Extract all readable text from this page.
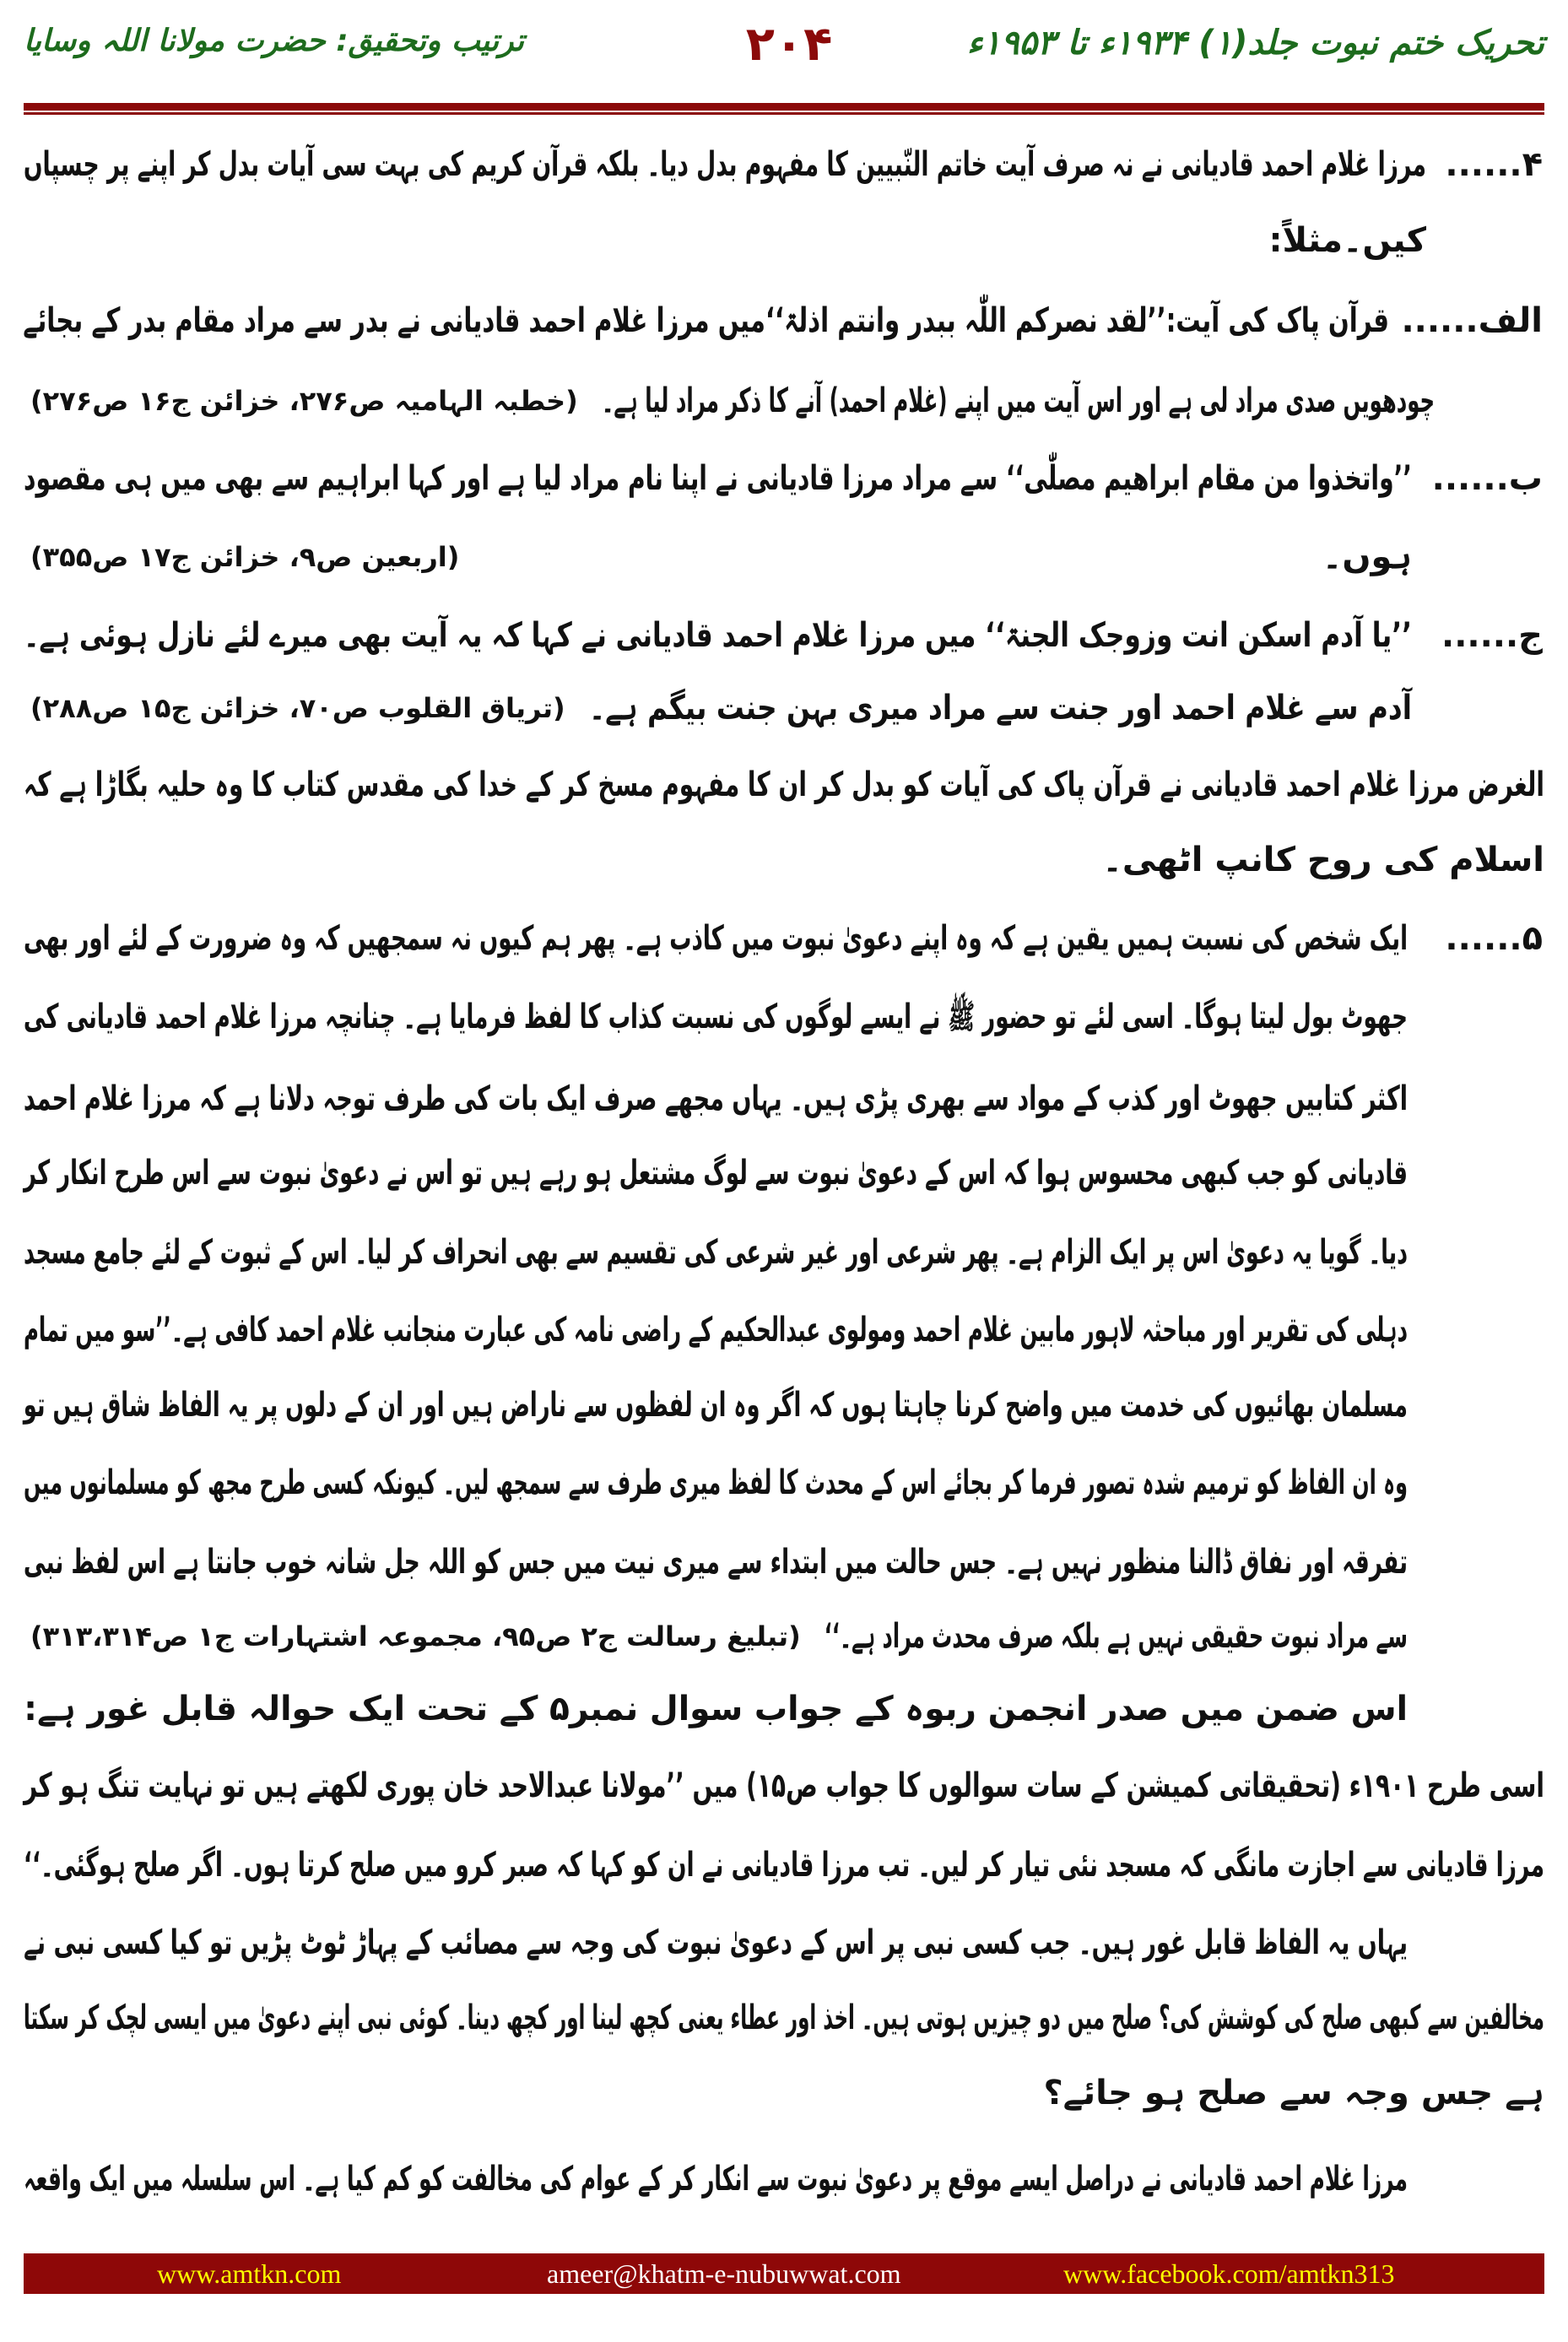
تحریک ختم نبوت جلد(۱) ۱۹۳۴ء تا ۱۹۵۳ء
۲۰۴
ترتیب وتحقیق: حضرت مولانا اللہ وسایا
مرزا غلام احمد قادیانی نے نہ صرف آیت خاتم النّبیین کا مفہوم بدل دیا۔ بلکہ قرآن کریم کی بہت سی آیات بدل کر اپنے پر چسپاں ۴......
کیں۔مثلاً:
قرآن پاک کی آیت:’’لقد نصرکم اللّٰہ ببدر وانتم اذلۃ‘‘میں مرزا غلام احمد قادیانی نے بدر سے مراد مقام بدر کے بجائے الف......
چودھویں صدی مراد لی ہے اور اس آیت میں اپنے (غلام احمد) آنے کا ذکر مراد لیا ہے۔
(خطبہ الہامیہ ص۲۷۶، خزائن ج۱۶ ص۲۷۶)
’’واتخذوا من مقام ابراھیم مصلّٰی‘‘ سے مراد مرزا قادیانی نے اپنا نام مراد لیا ہے اور کہا ابراہیم سے بھی میں ہی مقصود ب......
ہوں۔
(اربعین ص۹، خزائن ج۱۷ ص۳۵۵)
’’یا آدم اسکن انت وزوجک الجنۃ‘‘ میں مرزا غلام احمد قادیانی نے کہا کہ یہ آیت بھی میرے لئے نازل ہوئی ہے۔ ج......
آدم سے غلام احمد اور جنت سے مراد میری بہن جنت بیگم ہے۔
(تریاق القلوب ص۷۰، خزائن ج۱۵ ص۲۸۸)
الغرض مرزا غلام احمد قادیانی نے قرآن پاک کی آیات کو بدل کر ان کا مفہوم مسخ کر کے خدا کی مقدس کتاب کا وہ حلیہ بگاڑا ہے کہ
اسلام کی روح کانپ اٹھی۔
ایک شخص کی نسبت ہمیں یقین ہے کہ وہ اپنے دعویٰ نبوت میں کاذب ہے۔ پھر ہم کیوں نہ سمجھیں کہ وہ ضرورت کے لئے اور بھی ۵......
جھوٹ بول لیتا ہوگا۔ اسی لئے تو حضور ﷺ نے ایسے لوگوں کی نسبت کذاب کا لفظ فرمایا ہے۔ چنانچہ مرزا غلام احمد قادیانی کی
اکثر کتابیں جھوٹ اور کذب کے مواد سے بھری پڑی ہیں۔ یہاں مجھے صرف ایک بات کی طرف توجہ دلانا ہے کہ مرزا غلام احمد
قادیانی کو جب کبھی محسوس ہوا کہ اس کے دعویٰ نبوت سے لوگ مشتعل ہو رہے ہیں تو اس نے دعویٰ نبوت سے اس طرح انکار کر
دیا۔ گویا یہ دعویٰ اس پر ایک الزام ہے۔ پھر شرعی اور غیر شرعی کی تقسیم سے بھی انحراف کر لیا۔ اس کے ثبوت کے لئے جامع مسجد
دہلی کی تقریر اور مباحثہ لاہور مابین غلام احمد ومولوی عبدالحکیم کے راضی نامہ کی عبارت منجانب غلام احمد کافی ہے۔’’سو میں تمام
مسلمان بھائیوں کی خدمت میں واضح کرنا چاہتا ہوں کہ اگر وہ ان لفظوں سے ناراض ہیں اور ان کے دلوں پر یہ الفاظ شاق ہیں تو
وہ ان الفاظ کو ترمیم شدہ تصور فرما کر بجائے اس کے محدث کا لفظ میری طرف سے سمجھ لیں۔ کیونکہ کسی طرح مجھ کو مسلمانوں میں
تفرقہ اور نفاق ڈالنا منظور نہیں ہے۔ جس حالت میں ابتداء سے میری نیت میں جس کو اللہ جل شانہ خوب جانتا ہے اس لفظ نبی
سے مراد نبوت حقیقی نہیں ہے بلکہ صرف محدث مراد ہے۔‘‘
(تبلیغ رسالت ج۲ ص۹۵، مجموعہ اشتہارات ج۱ ص۳۱۳،۳۱۴)
اس ضمن میں صدر انجمن ربوہ کے جواب سوال نمبر۵ کے تحت ایک حوالہ قابل غور ہے:
اسی طرح ۱۹۰۱ء (تحقیقاتی کمیشن کے سات سوالوں کا جواب ص۱۵) میں ’’مولانا عبدالاحد خان پوری لکھتے ہیں تو نہایت تنگ ہو کر
مرزا قادیانی سے اجازت مانگی کہ مسجد نئی تیار کر لیں۔ تب مرزا قادیانی نے ان کو کہا کہ صبر کرو میں صلح کرتا ہوں۔ اگر صلح ہوگئی۔‘‘
یہاں یہ الفاظ قابل غور ہیں۔ جب کسی نبی پر اس کے دعویٰ نبوت کی وجہ سے مصائب کے پہاڑ ٹوٹ پڑیں تو کیا کسی نبی نے
مخالفین سے کبھی صلح کی کوشش کی؟ صلح میں دو چیزیں ہوتی ہیں۔ اخذ اور عطاء یعنی کچھ لینا اور کچھ دینا۔ کوئی نبی اپنے دعویٰ میں ایسی لچک کر سکتا
ہے جس وجہ سے صلح ہو جائے؟
مرزا غلام احمد قادیانی نے دراصل ایسے موقع پر دعویٰ نبوت سے انکار کر کے عوام کی مخالفت کو کم کیا ہے۔ اس سلسلہ میں ایک واقعہ
www.amtkn.com	ameer@khatm-e-nubuwwat.com	www.facebook.com/amtkn313
